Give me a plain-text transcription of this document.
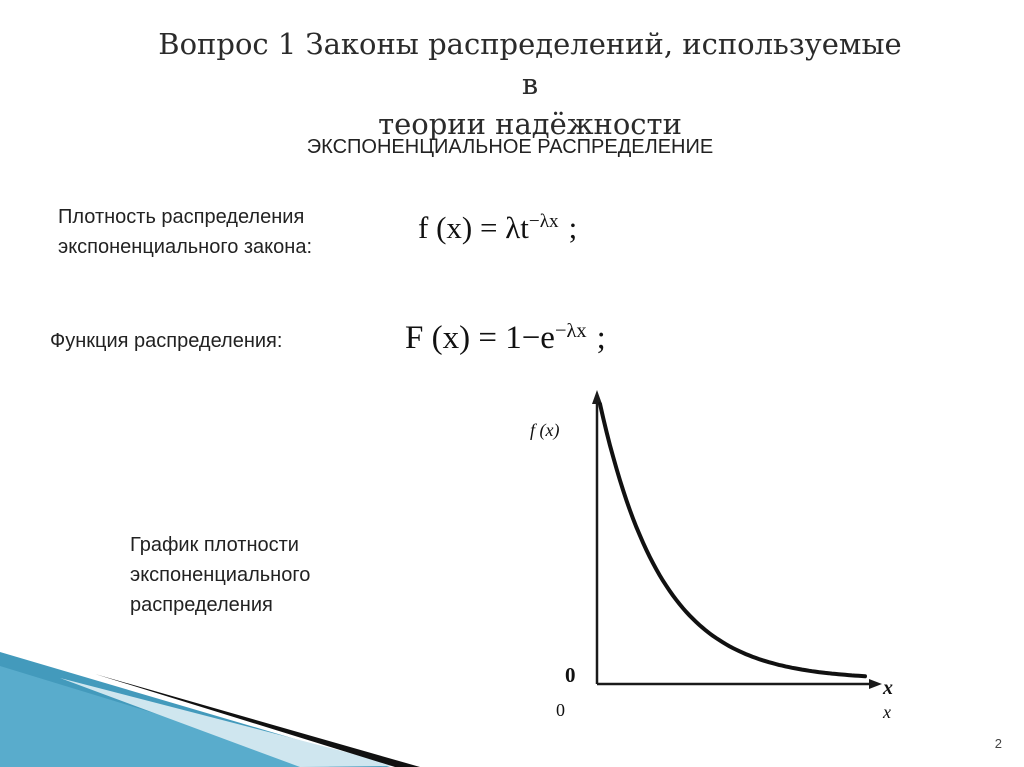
Вопрос 1 Законы распределений, используемые в
теории надёжности
ЭКСПОНЕНЦИАЛЬНОЕ РАСПРЕДЕЛЕНИЕ
Плотность распределения
экспоненциального закона:
f $(x) = \lambda t^{-\lambda x}$ ;
Функция распределения:	F $(x) = 1-e^{-\lambda x}$ ;
График плотности
экспоненциального
распределения
f (x)
0
x
0	x
2
